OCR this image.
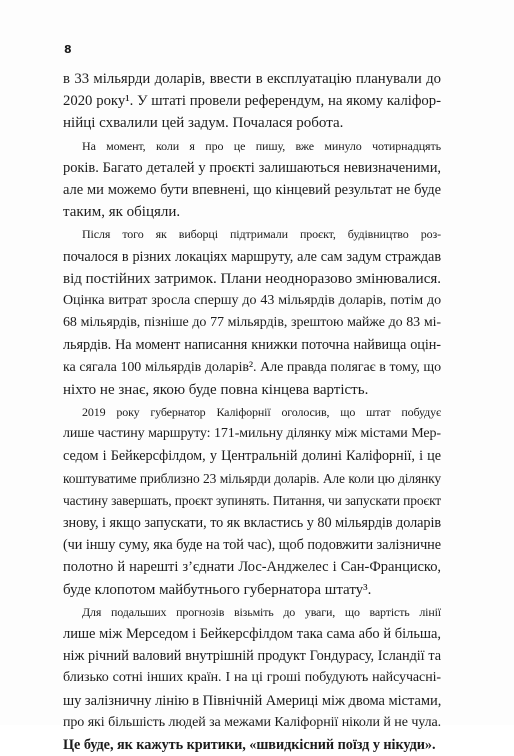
8

в 33 мільярди доларів, ввести в експлуатацію планували до
2020 року¹. У штаті провели референдум, на якому каліфор-
нійці схвалили цей задум. Почалася робота.

На момент, коли я про це пишу, вже минуло чотирнадцять
років. Багато деталей у проєкті залишаються невизначеними,
але ми можемо бути впевнені, що кінцевий результат не буде
таким, як обіцяли.

Після того як виборці підтримали проєкт, будівництво роз-
почалося в різних локаціях маршруту, але сам задум страждав
від постійних затримок. Плани неодноразово змінювалися.
Оцінка витрат зросла спершу до 43 мільярдів доларів, потім до
68 мільярдів, пізніше до 77 мільярдів, зрештою майже до 83 мі-
льярдів. На момент написання книжки поточна найвища оцін-
ка сягала 100 мільярдів доларів². Але правда полягає в тому, що
ніхто не знає, якою буде повна кінцева вартість.

2019 року губернатор Каліфорнії оголосив, що штат побудує
лише частину маршруту: 171-мильну ділянку між містами Мер-
седом і Бейкерсфілдом, у Центральній долині Каліфорнії, і це
коштуватиме приблизно 23 мільярди доларів. Але коли цю ділянку
частину завершать, проєкт зупинять. Питання, чи запускати проєкт
знову, і якщо запускати, то як вкластись у 80 мільярдів доларів
(чи іншу суму, яка буде на той час), щоб подовжити залізничне
полотно й нарешті з’єднати Лос-Анджелес і Сан-Франциско,
буде клопотом майбутнього губернатора штату³.

Для подальших прогнозів візьміть до уваги, що вартість лінії
лише між Мерседом і Бейкерсфілдом така сама або й більша,
ніж річний валовий внутрішній продукт Гондурасу, Ісландії та
близько сотні інших країн. І на ці гроші побудують найсучасні-
шу залізничну лінію в Північній Америці між двома містами,
про які більшість людей за межами Каліфорнії ніколи й не чула.
Це буде, як кажуть критики, «швидкісний поїзд у нікуди».
